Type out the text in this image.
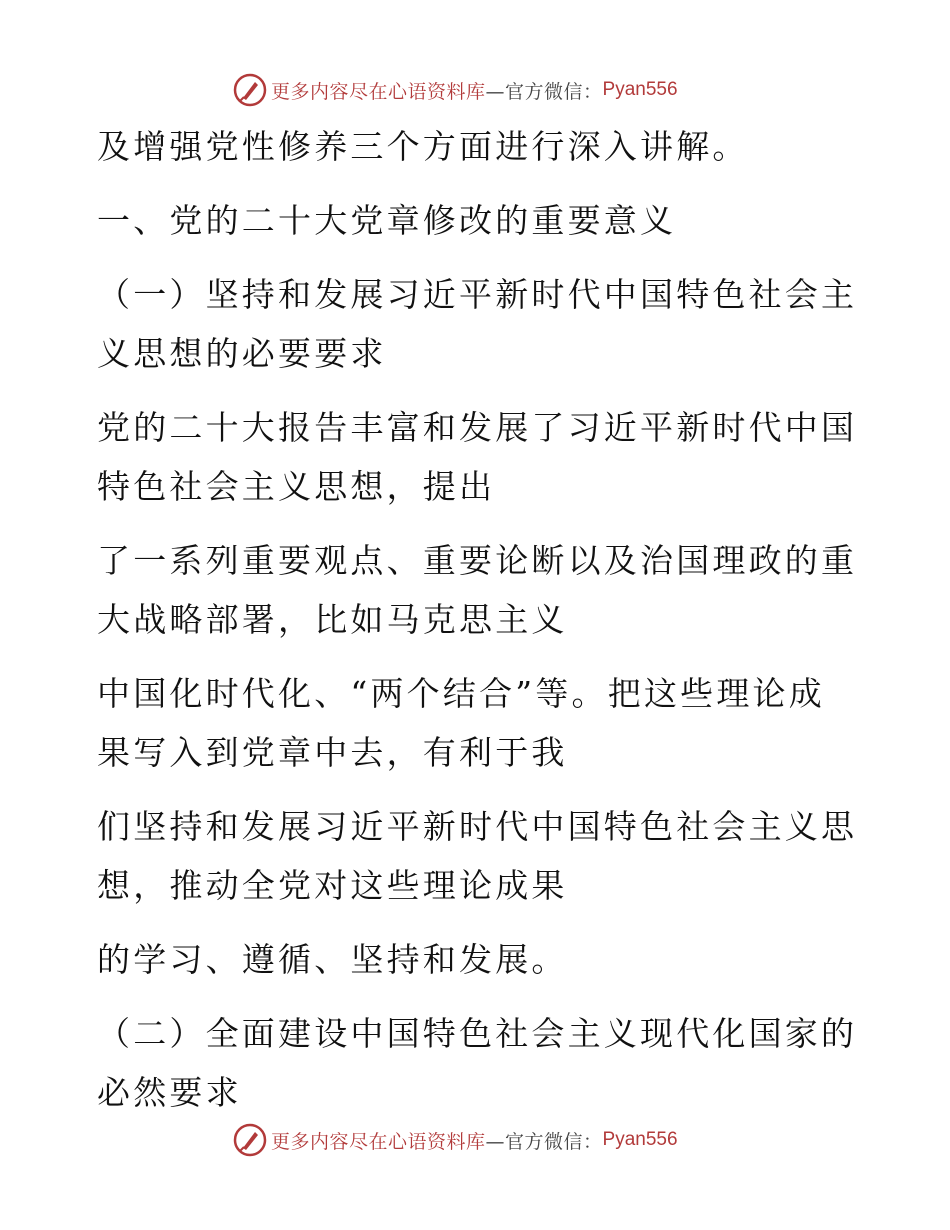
更多内容尽在心语资料库 —官方微信： Pyan556
及增强党性修养三个方面进行深入讲解。
一、党的二十大党章修改的重要意义
（一）坚持和发展习近平新时代中国特色社会主
义思想的必要要求
党的二十大报告丰富和发展了习近平新时代中国
特色社会主义思想，提出
了一系列重要观点、重要论断以及治国理政的重
大战略部署，比如马克思主义
中国化时代化、“两个结合”等。把这些理论成
果写入到党章中去，有利于我
们坚持和发展习近平新时代中国特色社会主义思
想，推动全党对这些理论成果
的学习、遵循、坚持和发展。
（二）全面建设中国特色社会主义现代化国家的
必然要求
更多内容尽在心语资料库 —官方微信： Pyan556
